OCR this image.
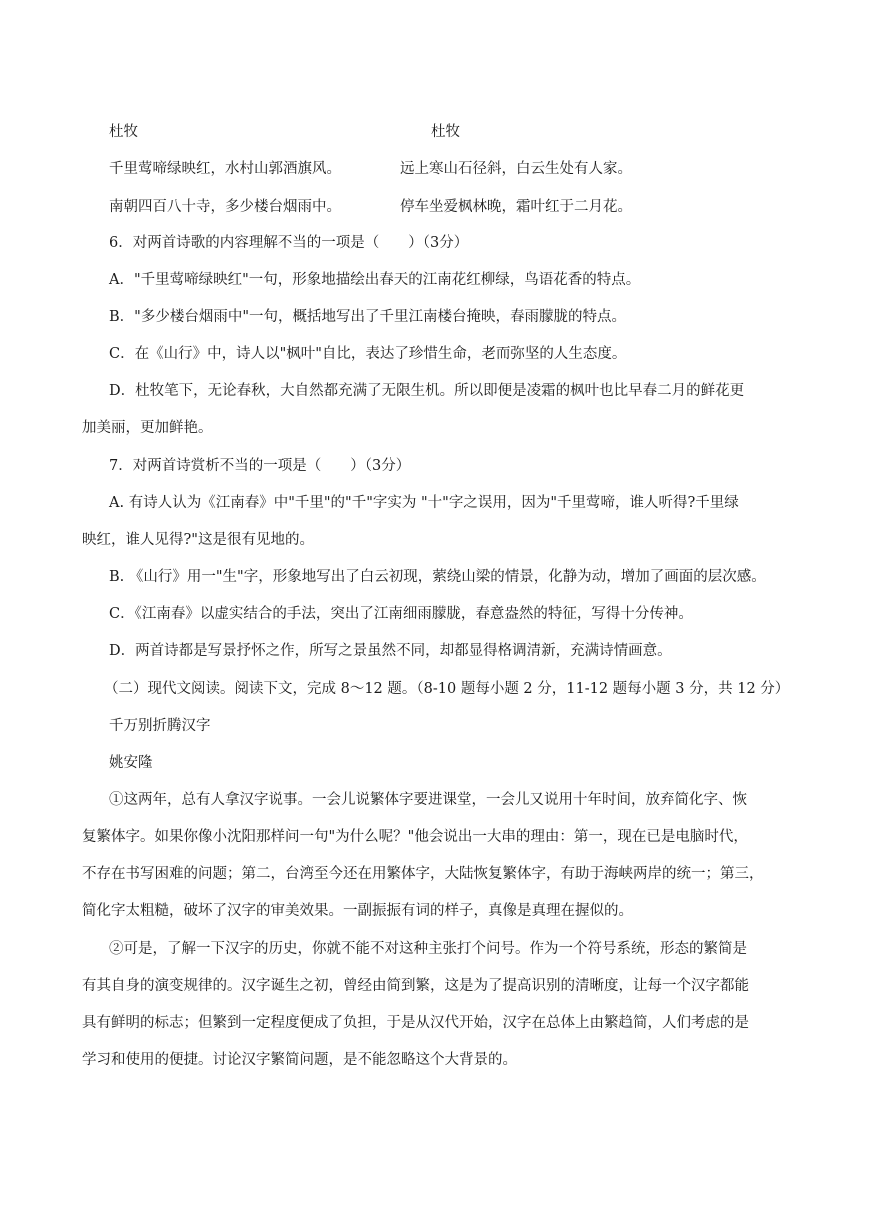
杜牧	杜牧
千里莺啼绿映红，水村山郭酒旗风。	远上寒山石径斜，白云生处有人家。
南朝四百八十寺，多少楼台烟雨中。	停车坐爱枫林晚，霜叶红于二月花。
6．对两首诗歌的内容理解不当的一项是（　　）（3分）
A．"千里莺啼绿映红"一句，形象地描绘出春天的江南花红柳绿，鸟语花香的特点。
B．"多少楼台烟雨中"一句，概括地写出了千里江南楼台掩映，春雨朦胧的特点。
C．在《山行》中，诗人以"枫叶"自比，表达了珍惜生命，老而弥坚的人生态度。
D．杜牧笔下，无论春秋，大自然都充满了无限生机。所以即便是凌霜的枫叶也比早春二月的鲜花更
加美丽，更加鲜艳。
7．对两首诗赏析不当的一项是（　　）（3分）
A. 有诗人认为《江南春》中"千里"的"千"字实为 "十"字之误用，因为"千里莺啼，谁人听得?千里绿
映红，谁人见得?"这是很有见地的。
B. 《山行》用一"生"字，形象地写出了白云初现，萦绕山梁的情景，化静为动，增加了画面的层次感。
C．《江南春》以虚实结合的手法，突出了江南细雨朦胧，春意盎然的特征，写得十分传神。
D．两首诗都是写景抒怀之作，所写之景虽然不同，却都显得格调清新，充满诗情画意。
（二）现代文阅读。阅读下文，完成 8～12 题。（8-10 题每小题 2 分，11-12 题每小题 3 分，共 12 分）
千万别折腾汉字
姚安隆
①这两年，总有人拿汉字说事。一会儿说繁体字要进课堂，一会儿又说用十年时间，放弃简化字、恢
复繁体字。如果你像小沈阳那样问一句"为什么呢？"他会说出一大串的理由：第一，现在已是电脑时代，
不存在书写困难的问题；第二，台湾至今还在用繁体字，大陆恢复繁体字，有助于海峡两岸的统一；第三，
简化字太粗糙，破坏了汉字的审美效果。一副振振有词的样子，真像是真理在握似的。
②可是，了解一下汉字的历史，你就不能不对这种主张打个问号。作为一个符号系统，形态的繁简是
有其自身的演变规律的。汉字诞生之初，曾经由简到繁，这是为了提高识别的清晰度，让每一个汉字都能
具有鲜明的标志；但繁到一定程度便成了负担，于是从汉代开始，汉字在总体上由繁趋简，人们考虑的是
学习和使用的便捷。讨论汉字繁简问题，是不能忽略这个大背景的。
